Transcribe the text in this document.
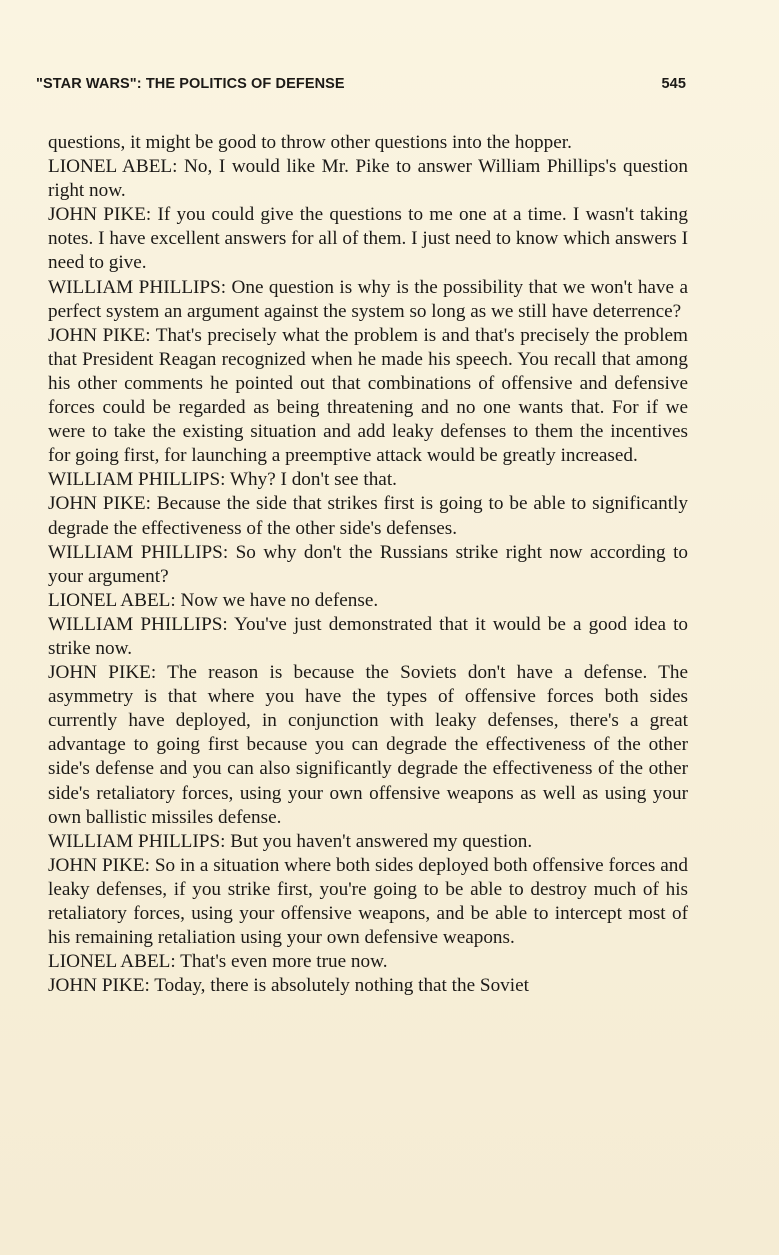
"STAR WARS": THE POLITICS OF DEFENSE	545

questions, it might be good to throw other questions into the hopper.

LIONEL ABEL: No, I would like Mr. Pike to answer William Phillips's question right now.

JOHN PIKE: If you could give the questions to me one at a time. I wasn't taking notes. I have excellent answers for all of them. I just need to know which answers I need to give.

WILLIAM PHILLIPS: One question is why is the possibility that we won't have a perfect system an argument against the system so long as we still have deterrence?

JOHN PIKE: That's precisely what the problem is and that's precisely the problem that President Reagan recognized when he made his speech. You recall that among his other comments he pointed out that combinations of offensive and defensive forces could be regarded as being threatening and no one wants that. For if we were to take the existing situation and add leaky defenses to them the incentives for going first, for launching a preemptive attack would be greatly increased.

WILLIAM PHILLIPS: Why? I don't see that.

JOHN PIKE: Because the side that strikes first is going to be able to significantly degrade the effectiveness of the other side's defenses.

WILLIAM PHILLIPS: So why don't the Russians strike right now according to your argument?

LIONEL ABEL: Now we have no defense.

WILLIAM PHILLIPS: You've just demonstrated that it would be a good idea to strike now.

JOHN PIKE: The reason is because the Soviets don't have a defense. The asymmetry is that where you have the types of offensive forces both sides currently have deployed, in conjunction with leaky defenses, there's a great advantage to going first because you can degrade the effectiveness of the other side's defense and you can also significantly degrade the effectiveness of the other side's retaliatory forces, using your own offensive weapons as well as using your own ballistic missiles defense.

WILLIAM PHILLIPS: But you haven't answered my question.

JOHN PIKE: So in a situation where both sides deployed both offensive forces and leaky defenses, if you strike first, you're going to be able to destroy much of his retaliatory forces, using your offensive weapons, and be able to intercept most of his remaining retaliation using your own defensive weapons.

LIONEL ABEL: That's even more true now.

JOHN PIKE: Today, there is absolutely nothing that the Soviet
